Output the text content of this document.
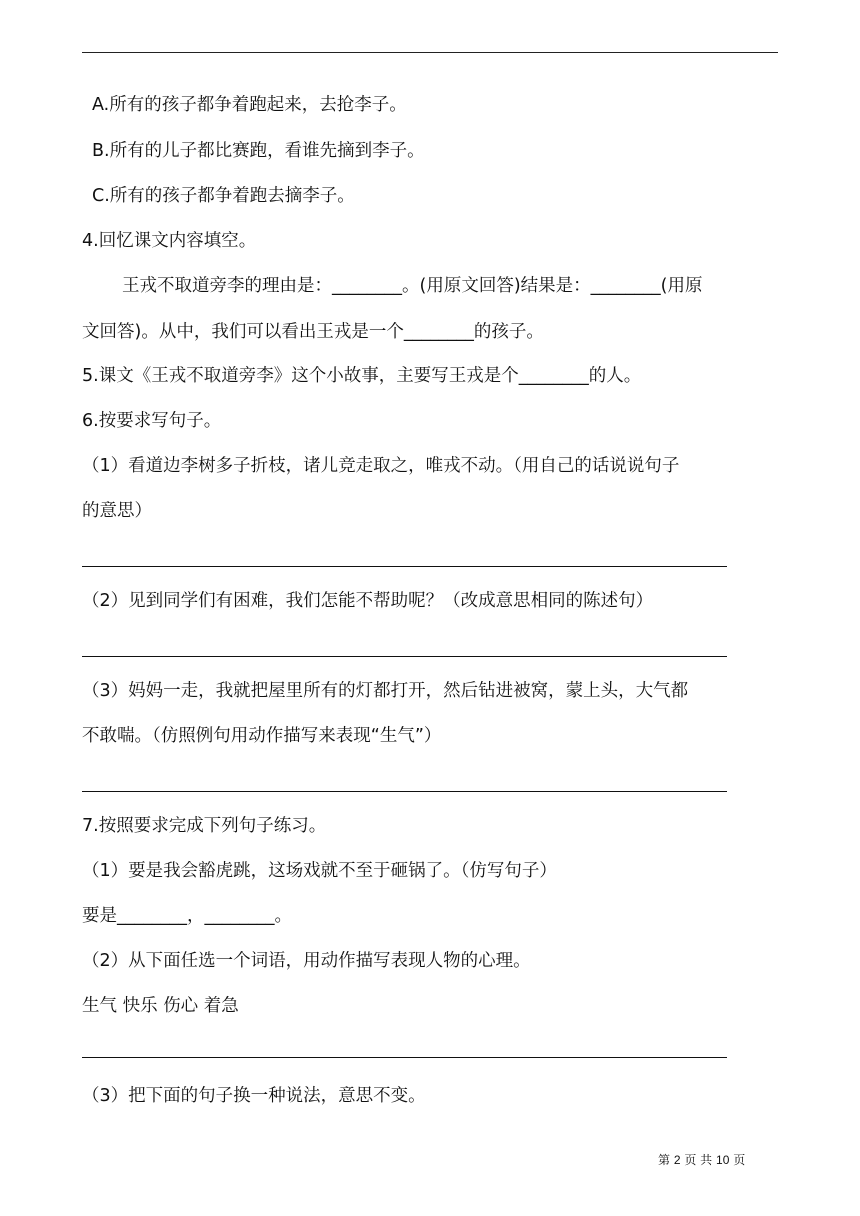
A.所有的孩子都争着跑起来，去抢李子。
B.所有的儿子都比赛跑，看谁先摘到李子。
C.所有的孩子都争着跑去摘李子。
4.回忆课文内容填空。
王戎不取道旁李的理由是：________。(用原文回答)结果是：________(用原
文回答)。从中，我们可以看出王戎是一个________的孩子。
5.课文《王戎不取道旁李》这个小故事，主要写王戎是个________的人。
6.按要求写句子。
（1）看道边李树多子折枝，诸儿竞走取之，唯戎不动。（用自己的话说说句子
的意思）
（2）见到同学们有困难，我们怎能不帮助呢？（改成意思相同的陈述句）
（3）妈妈一走，我就把屋里所有的灯都打开，然后钻进被窝，蒙上头，大气都
不敢喘。（仿照例句用动作描写来表现“生气”）
7.按照要求完成下列句子练习。
（1）要是我会豁虎跳，这场戏就不至于砸锅了。（仿写句子）
要是________，________。
（2）从下面任选一个词语，用动作描写表现人物的心理。
生气 快乐 伤心 着急
（3）把下面的句子换一种说法，意思不变。
第 2 页 共 10 页
